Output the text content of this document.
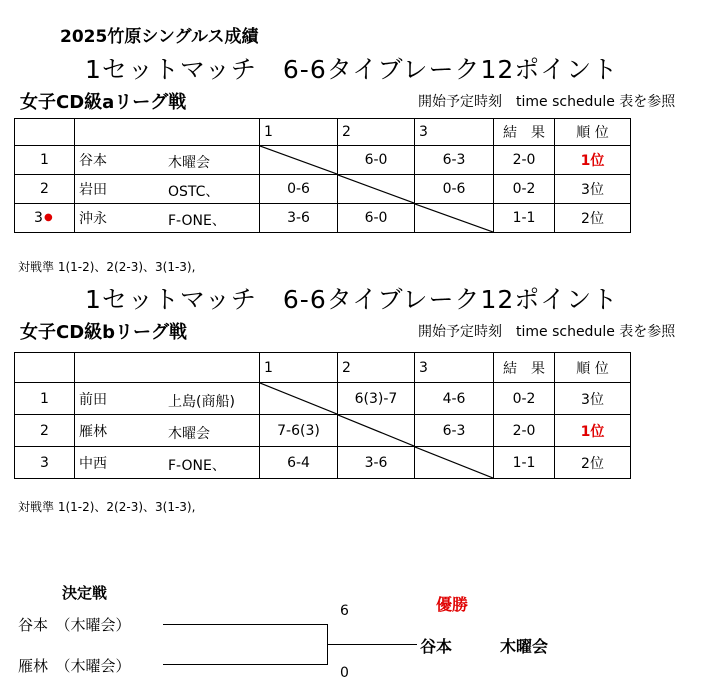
2025竹原シングルス成績
1セットマッチ　6-6タイブレーク12ポイント
女子CD級aリーグ戦	開始予定時刻　time schedule 表を参照
		1	2	3	結　果	順 位
1	谷本 木曜会		6-0	6-3	2-0	1位
2	岩田 OSTC、	0-6		0-6	0-2	3位
3 ●	沖永 F-ONE、	3-6	6-0		1-1	2位
対戦準 1(1-2)、2(2-3)、3(1-3),
1セットマッチ　6-6タイブレーク12ポイント
女子CD級bリーグ戦	開始予定時刻　time schedule 表を参照
		1	2	3	結　果	順 位
1	前田 上島(商船)		6(3)-7	4-6	0-2	3位
2	雁林 木曜会	7-6(3)		6-3	2-0	1位
3	中西 F-ONE、	6-4	3-6		1-1	2位
対戦準 1(1-2)、2(2-3)、3(1-3),
決定戦
谷本　（木曜会）
雁林　（木曜会）
6
0
優勝
谷本	木曜会
